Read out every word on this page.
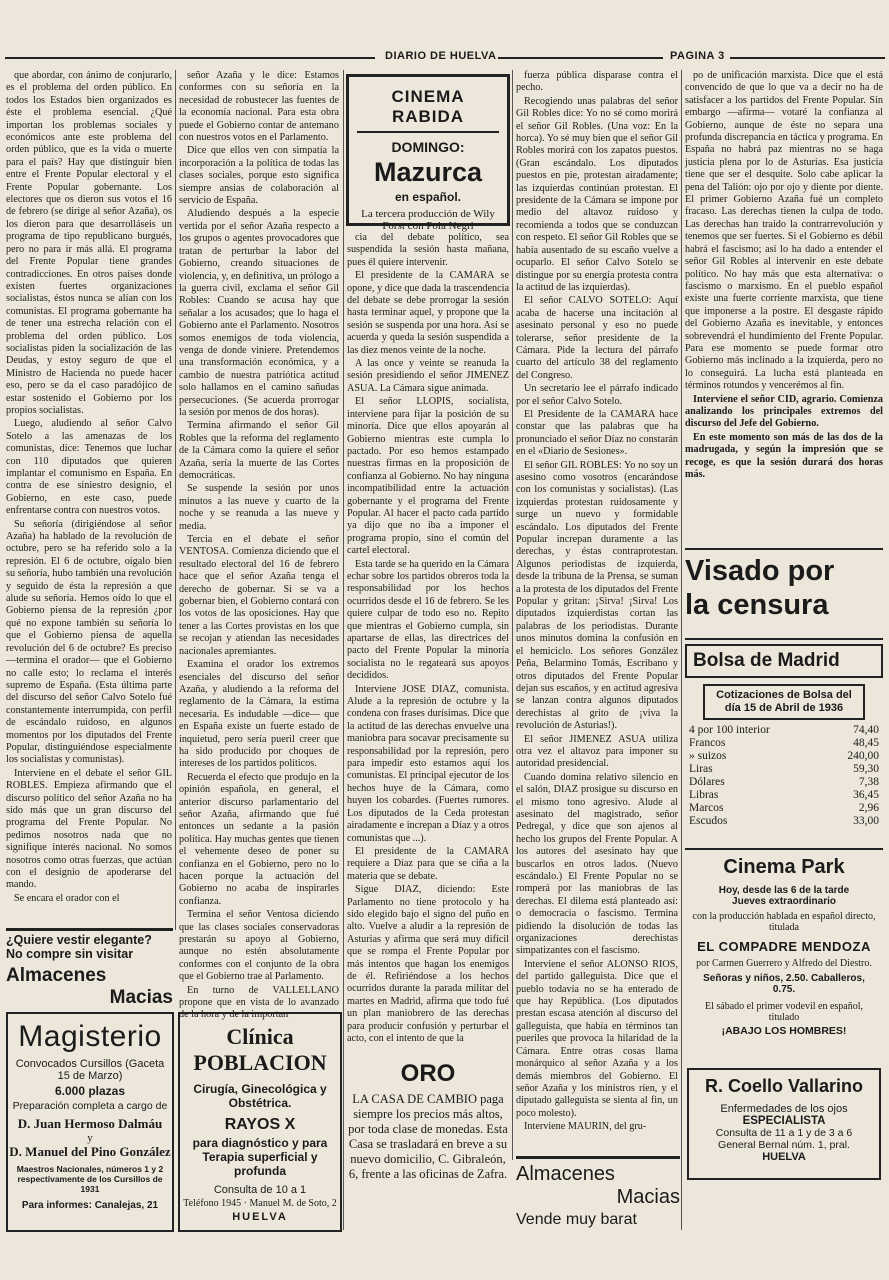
DIARIO DE HUELVA	PAGINA 3

que abordar, con ánimo de conjurarlo, es el problema del orden público. En todos los Estados bien organizados es éste el problema esencial. ¿Qué importan los problemas sociales y económicos ante este problema del orden público, que es la vida o muerte para el país? Hay que distinguir bien entre el Frente Popular electoral y el Frente Popular gobernante. Los electores que os dieron sus votos el 16 de febrero (se dirige al señor Azaña), os los dieron para que desarrolláseis un programa de tipo republicano burgués, pero no para ir más allá. El programa del Frente Popular tiene grandes contradicciones. En otros países donde existen fuertes organizaciones socialistas, éstos nunca se alían con los comunistas. El programa gobernante ha de tener una estrecha relación con el problema del orden público. Los socialistas piden la socialización de las Deudas, y estoy seguro de que el Ministro de Hacienda no puede hacer eso, pero se da el caso paradójico de estar sostenido el Gobierno por los propios socialistas.

Luego, aludiendo al señor Calvo Sotelo a las amenazas de los comunistas, dice: Tenemos que luchar con 110 diputados que quieren implantar el comunismo en España. En contra de ese siniestro designio, el Gobierno, en este caso, puede enfrentarse contra con nuestros votos.

Su señoría (dirigiéndose al señor Azaña) ha hablado de la revolución de octubre, pero se ha referido solo a la represión. El 6 de octubre, oígalo bien su señoría, hubo también una revolución y seguido de ésta la represión a que alude su señoría. Hemos oído lo que el Gobierno piensa de la represión ¿por qué no expone también su señoría lo que el Gobierno piensa de aquella revolución del 6 de octubre? Es preciso —termina el orador— que el Gobierno no calle esto; lo reclama el interés supremo de España. (Esta última parte del discurso del señor Calvo Sotelo fué constantemente interrumpida, con perfil de escándalo ruidoso, en algunos momentos por los diputados del Frente Popular, distinguiéndose especialmente los socialistas y comunistas).

Interviene en el debate el señor GIL ROBLES. Empieza afirmando que el discurso político del señor Azaña no ha sido más que un gran discurso del programa del Frente Popular. No pedimos nosotros nada que no signifique interés nacional. No somos nosotros como otras fuerzas, que actúan con el designio de apoderarse del mando.

Se encara el orador con el

señor Azaña y le dice: Estamos conformes con su señoría en la necesidad de robustecer las fuentes de la economía nacional. Para esta obra puede el Gobierno contar de antemano con nuestros votos en el Parlamento.

Dice que ellos ven con simpatía la incorporación a la política de todas las clases sociales, porque esto significa siempre ansias de colaboración al servicio de España.

Aludiendo después a la especie vertida por el señor Azaña respecto a los grupos o agentes provocadores que tratan de perturbar la labor del Gobierno, creando situaciones de violencia, y, en definitiva, un prólogo a la guerra civil, exclama el señor Gil Robles: Cuando se acusa hay que señalar a los acusados; que lo haga el Gobierno ante el Parlamento. Nosotros somos enemigos de toda violencia, venga de donde viniere. Pretendemos una transformación económica, y a cambio de nuestra patriótica actitud solo hallamos en el camino sañudas persecuciones. (Se acuerda prorrogar la sesión por menos de dos horas).

Termina afirmando el señor Gil Robles que la reforma del reglamento de la Cámara como la quiere el señor Azaña, sería la muerte de las Cortes democráticas.

Se suspende la sesión por unos minutos a las nueve y cuarto de la noche y se reanuda a las nueve y media.

Tercia en el debate el señor VENTOSA. Comienza diciendo que el resultado electoral del 16 de febrero hace que el señor Azaña tenga el derecho de gobernar. Si se va a gobernar bien, el Gobierno contará con los votos de las oposiciones. Hay que tener a las Cortes provistas en los que se recojan y atiendan las necesidades nacionales apremiantes.

Examina el orador los extremos esenciales del discurso del señor Azaña, y aludiendo a la reforma del reglamento de la Cámara, la estima necesaria. Es indudable —dice— que en España existe un fuerte estado de inquietud, pero sería pueril creer que ha sido producido por choques de intereses de los partidos políticos.

Recuerda el efecto que produjo en la opinión española, en general, el anterior discurso parlamentario del señor Azaña, afirmando que fué entonces un sedante a la pasión política. Hay muchas gentes que tienen el vehemente deseo de poner su confianza en el Gobierno, pero no lo hacen porque la actuación del Gobierno no acaba de inspirarles confianza.

Termina el señor Ventosa diciendo que las clases sociales conservadoras prestarán su apoyo al Gobierno, aunque no estén absolutamente conformes con el conjunto de la obra que el Gobierno trae al Parlamento.

En turno de VALLELLANO propone que en vista de lo avanzado de la hora y de la importan

CINEMA RABIDA
DOMINGO:
Mazurca
en español.
La tercera producción de Wily Forst con Pola Negri

cia del debate político, sea suspendida la sesión hasta mañana, pues él quiere intervenir.

El presidente de la CAMARA se opone, y dice que dada la trascendencia del debate se debe prorrogar la sesión hasta terminar aquel, y propone que la sesión se suspenda por una hora. Así se acuerda y queda la sesión suspendida a las diez menos veinte de la noche.

A las once y veinte se reanuda la sesión presidiendo el señor JIMENEZ ASUA. La Cámara sigue animada.

El señor LLOPIS, socialista, interviene para fijar la posición de su minoría. Dice que ellos apoyarán al Gobierno mientras este cumpla lo pactado. Por eso hemos estampado nuestras firmas en la proposición de confianza al Gobierno. No hay ninguna incompatibilidad entre la actuación gobernante y el programa del Frente Popular. Al hacer el pacto cada partido ya dijo que no iba a imponer el programa propio, sino el común del cartel electoral.

Esta tarde se ha querido en la Cámara echar sobre los partidos obreros toda la responsabilidad por los hechos ocurridos desde el 16 de febrero. Se les quiere culpar de todo eso no. Repito que mientras el Gobierno cumpla, sin apartarse de ellas, las directrices del pacto del Frente Popular la minoría socialista no le regateará sus apoyos decididos.

Interviene JOSE DIAZ, comunista. Alude a la represión de octubre y la condena con frases durísimas. Dice que la actitud de las derechas envuelve una maniobra para socavar precisamente su responsabilidad por la represión, pero para impedir esto estamos aquí los comunistas. El principal ejecutor de los hechos huye de la Cámara, como huyen los cobardes. (Fuertes rumores. Los diputados de la Ceda protestan airadamente e increpan a Díaz y a otros comunistas que ...).

El presidente de la CAMARA requiere a Díaz para que se ciña a la materia que se debate.

Sigue DIAZ, diciendo: Este Parlamento no tiene protocolo y ha sido elegido bajo el signo del puño en alto. Vuelve a aludir a la represión de Asturias y afirma que será muy difícil que se rompa el Frente Popular por más intentos que hagan los enemigos de él. Refiriéndose a los hechos ocurridos durante la parada militar del martes en Madrid, afirma que todo fué un plan maniobrero de las derechas para producir confusión y perturbar el acto, con el intento de que la

ORO
LA CASA DE CAMBIO paga siempre los precios más altos, por toda clase de monedas. Esta Casa se trasladará en breve a su nuevo domicilio, C. Gibraleón, 6, frente a las oficinas de Zafra.

fuerza pública disparase contra el pecho.

Recogiendo unas palabras del señor Gil Robles dice: Yo no sé como morirá el señor Gil Robles. (Una voz: En la horca). Yo sé muy bien que el señor Gil Robles morirá con los zapatos puestos. (Gran escándalo. Los diputados puestos en pie, protestan airadamente; las izquierdas continúan protestan. El presidente de la Cámara se impone por medio del altavoz ruidoso y recomienda a todos que se conduzcan con respeto. El señor Gil Robles que se había ausentado de su escaño vuelve a ocuparlo. El señor Calvo Sotelo se distingue por su energía protesta contra la actitud de las izquierdas).

El señor CALVO SOTELO: Aquí acaba de hacerse una incitación al asesinato personal y eso no puede tolerarse, señor presidente de la Cámara. Pide la lectura del párrafo cuarto del artículo 38 del reglamento del Congreso.

Un secretario lee el párrafo indicado por el señor Calvo Sotelo.

El Presidente de la CAMARA hace constar que las palabras que ha pronunciado el señor Díaz no constarán en el «Diario de Sesiones».

El señor GIL ROBLES: Yo no soy un asesino como vosotros (encarándose con los comunistas y socialistas). (Las izquierdas protestan ruidosamente y surge un nuevo y formidable escándalo. Los diputados del Frente Popular increpan duramente a las derechas, y éstas contraprotestan. Algunos periodistas de izquierda, desde la tribuna de la Prensa, se suman a la protesta de los diputados del Frente Popular y gritan: ¡Sirva! ¡Sirva! Los diputados izquierdistas cortan las palabras de los periodistas. Durante unos minutos domina la confusión en el hemiciclo. Los señores González Peña, Belarmino Tomás, Escribano y otros diputados del Frente Popular dejan sus escaños, y en actitud agresiva se lanzan contra algunos diputados derechistas al grito de ¡viva la revolución de Asturias!).

El señor JIMENEZ ASUA utiliza otra vez el altavoz para imponer su autoridad presidencial.

Cuando domina relativo silencio en el salón, DIAZ prosigue su discurso en el mismo tono agresivo. Alude al asesinato del magistrado, señor Pedregal, y dice que son ajenos al hecho los grupos del Frente Popular. A los autores del asesinato hay que buscarlos en otros lados. (Nuevo escándalo.) El Frente Popular no se romperá por las maniobras de las derechas. El dilema está planteado así: o democracia o fascismo. Termina pidiendo la disolución de todas las organizaciones derechistas simpatizantes con el fascismo.

Interviene el señor ALONSO RIOS, del partido galleguista. Dice que el pueblo todavía no se ha enterado de que hay República. (Los diputados prestan escasa atención al discurso del galleguista, que había en términos tan pueriles que provoca la hilaridad de la Cámara. Entre otras cosas llama monárquico al señor Azaña y a los demás miembros del Gobierno. El señor Azaña y los ministros ríen, y el diputado galleguista se sienta al fin, un poco molesto).

Interviene MAURIN, del gru-

Almacenes
Macias
Vende muy barat

po de unificación marxista. Dice que el está convencido de que lo que va a decir no ha de satisfacer a los partidos del Frente Popular. Sin embargo —afirma— votaré la confianza al Gobierno, aunque de éste no separa una profunda discrepancia en táctica y programa. En España no habrá paz mientras no se haga justicia plena por lo de Asturias. Esa justicia tiene que ser el desquite. Solo cabe aplicar la pena del Talión: ojo por ojo y diente por diente. El primer Gobierno Azaña fué un completo fracaso. Las derechas tienen la culpa de todo. Las derechas han traido la contrarrevolución y tenemos que ser fuertes. Si el Gobierno es débil habrá el fascismo; así lo ha dado a entender el señor Gil Robles al intervenir en este debate político. No hay más que esta alternativa: o fascismo o marxismo. En el pueblo español existe una fuerte corriente marxista, que tiene que imponerse a la postre. El desgaste rápido del Gobierno Azaña es inevitable, y entonces sobrevendrá el hundimiento del Frente Popular. Para ese momento se puede formar otro Gobierno más inclinado a la izquierda, pero no lo conseguirá. La lucha está planteada en términos rotundos y vencerémos al fin.

Interviene el señor CID, agrario. Comienza analizando los principales extremos del discurso del Jefe del Gobierno.

En este momento son más de las dos de la madrugada, y según la impresión que se recoge, es que la sesión durará dos horas más.

Visado por
la censura
Bolsa de Madrid
Cotizaciones de Bolsa del día 15 de Abril de 1936
4 por 100 interior	74,40
Francos	48,45
» suizos	240,00
Liras	59,30
Dólares	7,38
Libras	36,45
Marcos	2,96
Escudos	33,00
Cinema Park
Hoy, desde las 6 de la tarde
Jueves extraordinario
con la producción hablada en español directo, titulada
EL COMPADRE MENDOZA
por Carmen Guerrero y Alfredo del Diestro.
Señoras y niños, 2.50. Caballeros, 0.75.
El sábado el primer vodevil en español, titulado
¡ABAJO LOS HOMBRES!
R. Coello Vallarino
Enfermedades de los ojos
ESPECIALISTA
Consulta de 11 a 1 y de 3 a 6
General Bernal núm. 1, pral.
HUELVA
¿Quiere vestir elegante?
No compre sin visitar
Almacenes
Macias
Magisterio
Convocados Cursillos (Gaceta 15 de Marzo)
6.000 plazas
Preparación completa a cargo de
D. Juan Hermoso Dalmáu
y
D. Manuel del Pino González
Maestros Nacionales, números 1 y 2 respectivamente de los Cursillos de 1931
Para informes: Canalejas, 21
Clínica POBLACION
Cirugía, Ginecológica y Obstétrica.
RAYOS X
para diagnóstico y para Terapia superficial y profunda
Consulta de 10 a 1
Teléfono 1945 · Manuel M. de Soto, 2
HUELVA
